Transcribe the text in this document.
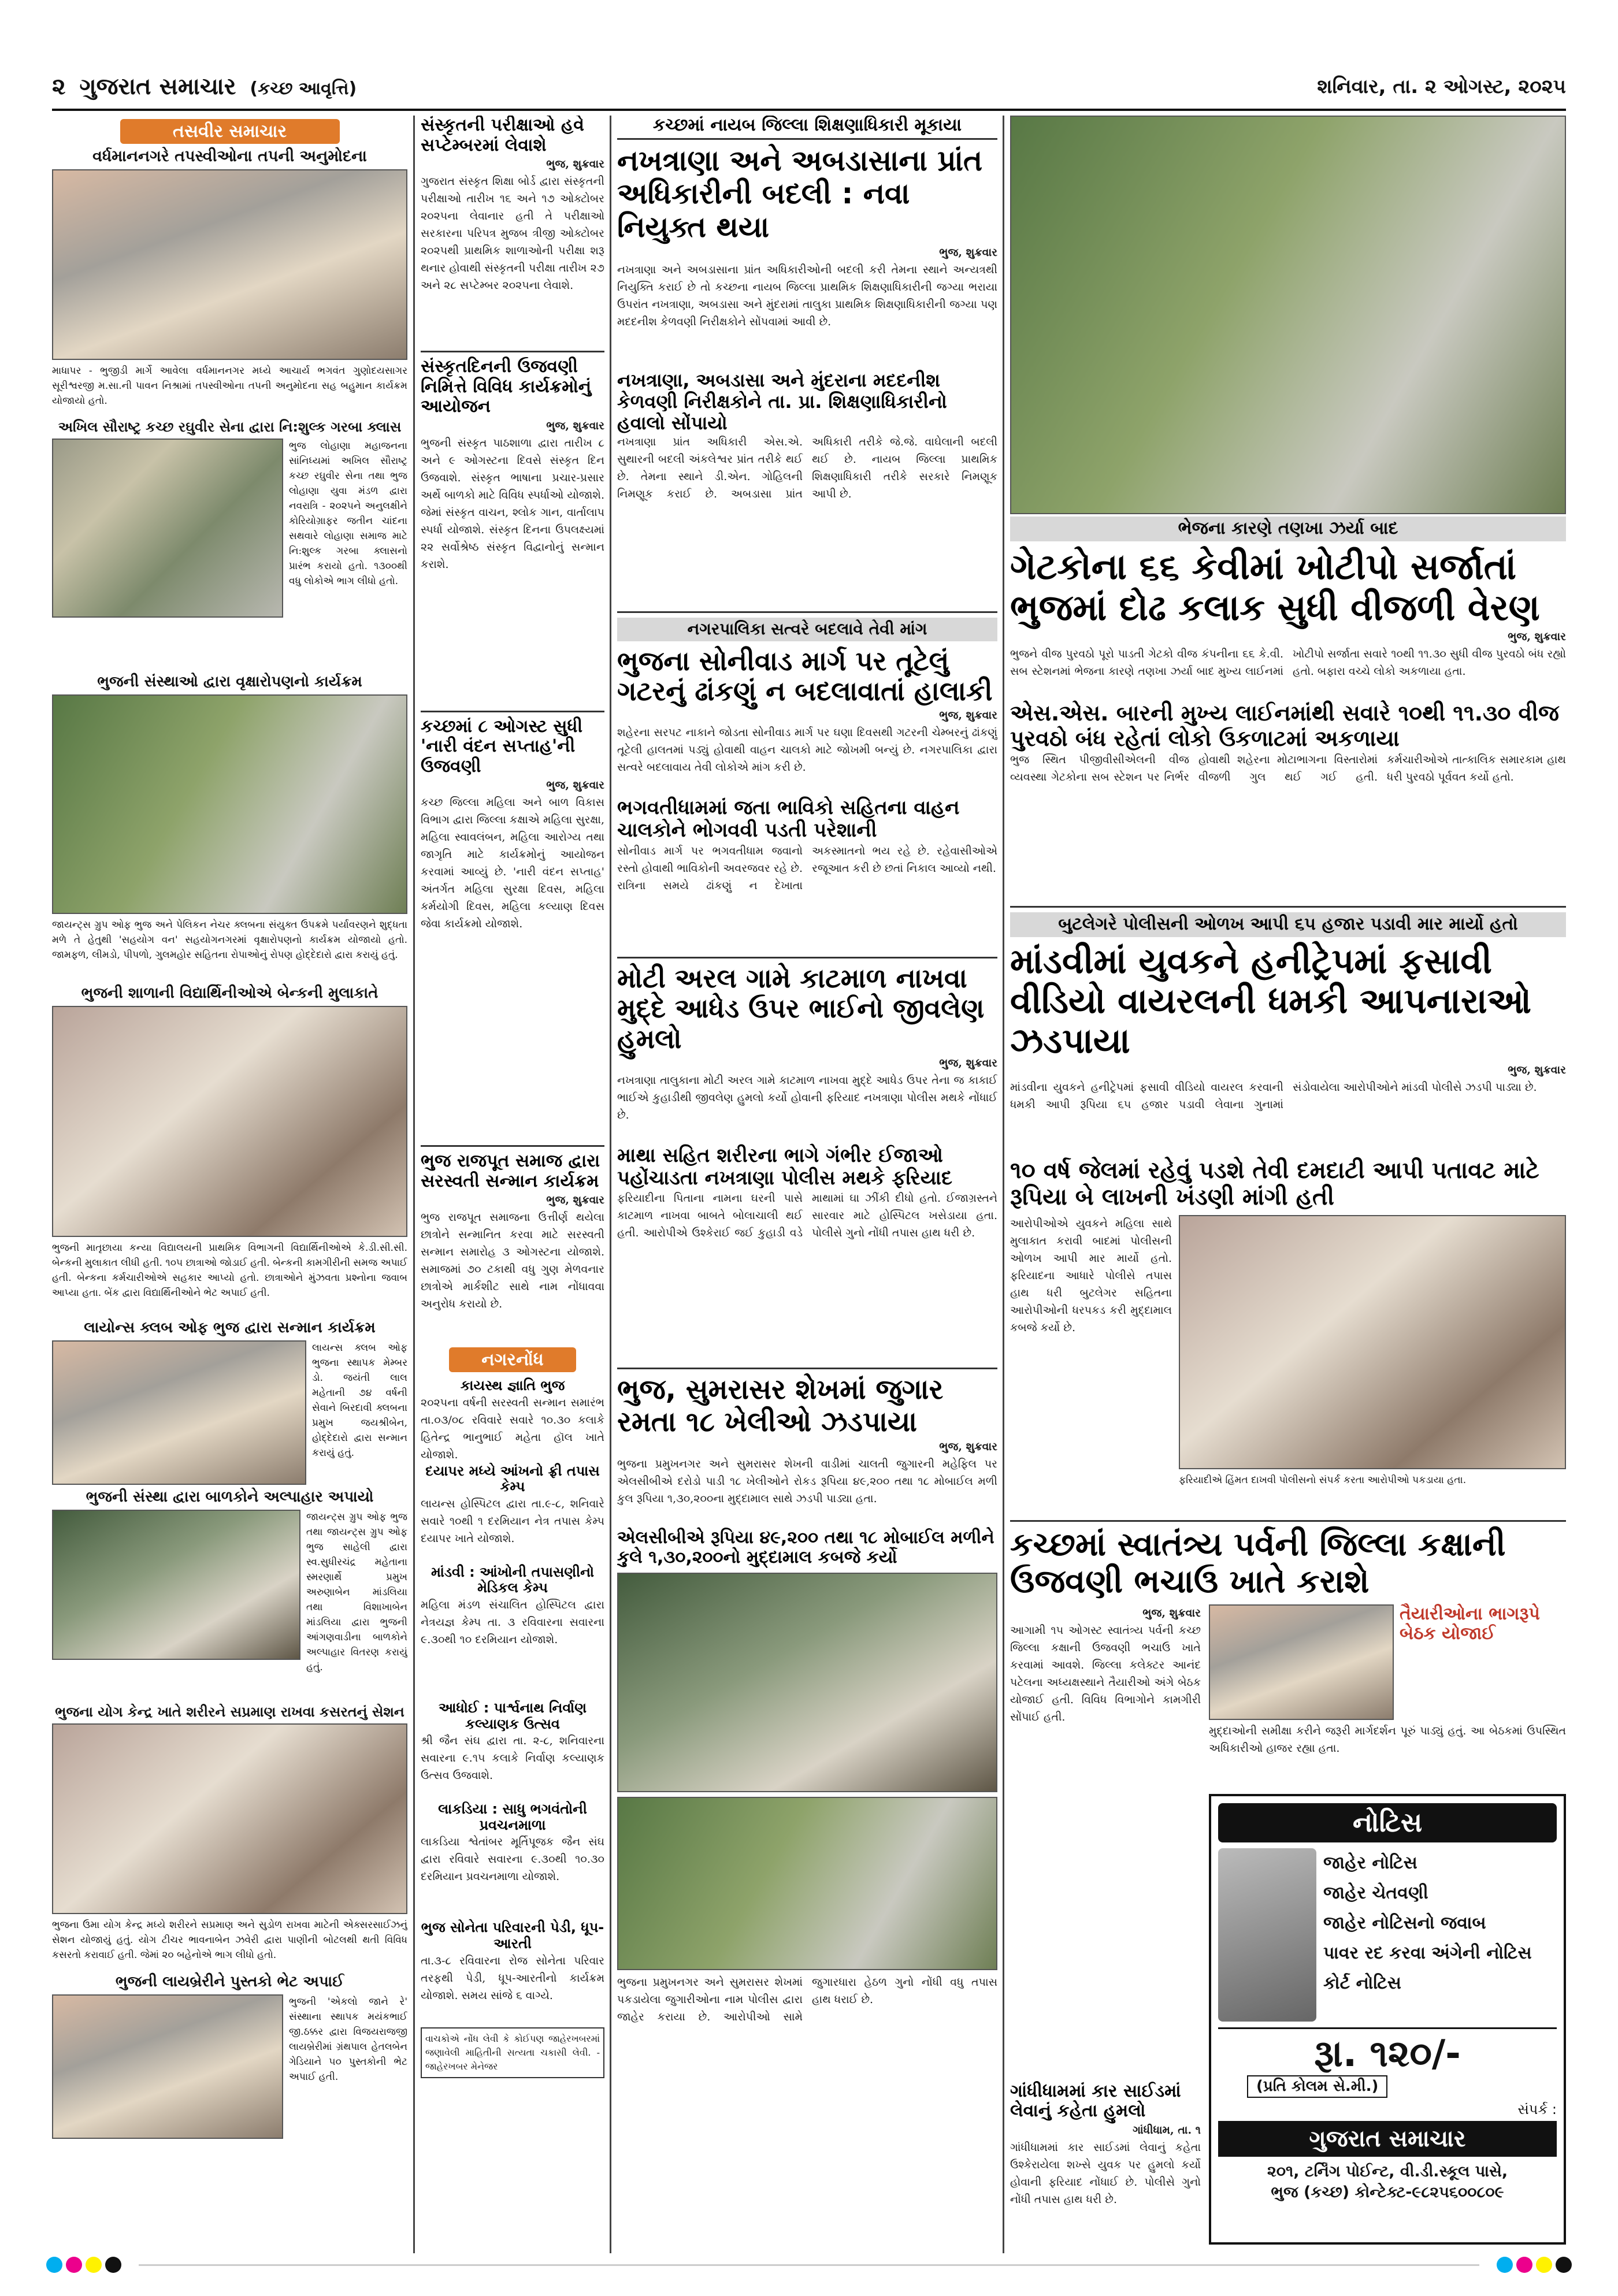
૨ ગુજરાત સમાચાર (કચ્છ આવૃત્તિ)	શનિવાર, તા. ૨ ઓગસ્ટ, ૨૦૨૫
તસવીર સમાચાર
વર્ધમાનનગરે તપસ્વીઓના તપની અનુમોદના
માધાપર - ભુજીડી માર્ગે આવેલા વર્ધમાનનગર મધ્યે આચાર્ય ભગવંત ગુણોદયસાગર સૂરીશ્વરજી મ.સા.ની પાવન નિશ્રામાં તપસ્વીઓના તપની અનુમોદના સહ બહુમાન કાર્યક્રમ યોજાયો હતો.
અખિલ સૌરાષ્ટ્ર કચ્છ રઘુવીર સેના દ્વારા નિ:શુલ્ક ગરબા ક્લાસ
ભુજ લોહાણા મહાજનના સાંનિધ્યમાં અખિલ સૌરાષ્ટ્ર કચ્છ રઘુવીર સેના તથા ભુજ લોહાણા યુવા મંડળ દ્વારા નવરાત્રિ - ૨૦૨૫ને અનુલક્ષીને કોરિયોગ્રાફર જતીન ચાંદના સથવારે લોહાણા સમાજ માટે નિ:શુલ્ક ગરબા ક્લાસનો પ્રારંભ કરાયો હતો. ૧૩૦૦થી વધુ લોકોએ ભાગ લીધો હતો.
ભુજની સંસ્થાઓ દ્વારા વૃક્ષારોપણનો કાર્યક્રમ
જાયન્ટ્સ ગ્રુપ ઓફ ભુજ અને પેલિકન નેચર ક્લબના સંયુક્ત ઉપક્રમે પર્યાવરણને શુદ્ધતા મળે તે હેતુથી 'સહયોગ વન' સહયોગનગરમાં વૃક્ષારોપણનો કાર્યક્રમ યોજાયો હતો. જામફળ, લીમડો, પીપળો, ગુલમહોર સહિતના રોપાઓનું રોપણ હોદ્દેદારો દ્વારા કરાયું હતું.
ભુજની શાળાની વિદ્યાર્થિનીઓએ બેન્કની મુલાકાતે
ભુજની માતૃછાયા કન્યા વિદ્યાલયની પ્રાથમિક વિભાગની વિદ્યાર્થિનીઓએ કે.ડી.સી.સી. બેન્કની મુલાકાત લીધી હતી. ૧૦૫ છાત્રાઓ જોડાઈ હતી. બેન્કની કામગીરીની સમજ અપાઈ હતી. બેન્કના કર્મચારીઓએ સહકાર આપ્યો હતો. છાત્રાઓને મુંઝવતા પ્રશ્નોના જવાબ આપ્યા હતા. બેંક દ્વારા વિદ્યાર્થિનીઓને ભેટ અપાઈ હતી.
લાયોન્સ ક્લબ ઓફ ભુજ દ્વારા સન્માન કાર્યક્રમ
લાયન્સ ક્લબ ઓફ ભુજના સ્થાપક મેમ્બર ડો. જયંતી લાલ મહેતાની ૭૪ વર્ષની સેવાને બિરદાવી ક્લબના પ્રમુખ જયશ્રીબેન, હોદ્દેદારો દ્વારા સન્માન કરાયું હતું.
ભુજની સંસ્થા દ્વારા બાળકોને અલ્પાહાર અપાયો
જાયન્ટ્સ ગ્રુપ ઓફ ભુજ તથા જાયન્ટ્સ ગ્રુપ ઓફ ભુજ સાહેલી દ્વારા સ્વ.સુધીરચંદ્ર મહેતાના સ્મરણાર્થે પ્રમુખ અરુણાબેન માંડલિયા તથા વિશાખાબેન માંડલિયા દ્વારા ભુજની આંગણવાડીના બાળકોને અલ્પાહાર વિતરણ કરાયું હતું.
ભુજના યોગ કેન્દ્ર ખાતે શરીરને સપ્રમાણ રાખવા કસરતનું સેશન
ભુજના ઉમા યોગ કેન્દ્ર મધ્યે શરીરને સપ્રમાણ અને સુડોળ રાખવા માટેની એક્સરસાઈઝનું સેશન યોજાયું હતું. યોગ ટીચર ભાવનાબેન ઝવેરી દ્વારા પાણીની બોટલથી થતી વિવિધ કસરતો કરાવાઈ હતી. જેમાં ૨૦ બહેનોએ ભાગ લીધો હતો.
ભુજની લાયબ્રેરીને પુસ્તકો ભેટ અપાઈ
ભુજની 'એકલો જાને રે' સંસ્થાના સ્થાપક મયંકભાઈ જી.ઠક્કર દ્વારા વિજયરાજજી લાયબ્રેરીમાં ગ્રંથપાલ હેતલબેન ગેડિયાને ૫૦ પુસ્તકોની ભેટ અપાઈ હતી.
સંસ્કૃતની પરીક્ષાઓ હવે સપ્ટેમ્બરમાં લેવાશે
ભુજ, શુક્રવાર
ગુજરાત સંસ્કૃત શિક્ષા બોર્ડ દ્વારા સંસ્કૃતની પરીક્ષાઓ તારીખ ૧૬ અને ૧૭ ઓક્ટોબર ૨૦૨૫ના લેવાનાર હતી તે પરીક્ષાઓ સરકારના પરિપત્ર મુજબ ત્રીજી ઓક્ટોબર ૨૦૨૫થી પ્રાથમિક શાળાઓની પરીક્ષા શરૂ થનાર હોવાથી સંસ્કૃતની પરીક્ષા તારીખ ૨૭ અને ૨૮ સપ્ટેમ્બર ૨૦૨૫ના લેવાશે.
સંસ્કૃતદિનની ઉજવણી નિમિત્તે વિવિધ કાર્યક્રમોનું આયોજન
ભુજ, શુક્રવાર
ભુજની સંસ્કૃત પાઠશાળા દ્વારા તારીખ ૮ અને ૯ ઓગસ્ટના દિવસે સંસ્કૃત દિન ઉજવાશે. સંસ્કૃત ભાષાના પ્રચાર-પ્રસાર અર્થે બાળકો માટે વિવિધ સ્પર્ધાઓ યોજાશે. જેમાં સંસ્કૃત વાચન, શ્લોક ગાન, વાર્તાલાપ સ્પર્ધા યોજાશે. સંસ્કૃત દિનના ઉપલક્ષ્યમાં ૨૨ સર્વોશ્રેષ્ઠ સંસ્કૃત વિદ્વાનોનું સન્માન કરાશે.
કચ્છમાં ૮ ઓગસ્ટ સુધી 'નારી વંદન સપ્તાહ'ની ઉજવણી
ભુજ, શુક્રવાર
કચ્છ જિલ્લા મહિલા અને બાળ વિકાસ વિભાગ દ્વારા જિલ્લા કક્ષાએ મહિલા સુરક્ષા, મહિલા સ્વાવલંબન, મહિલા આરોગ્ય તથા જાગૃતિ માટે કાર્યક્રમોનું આયોજન કરવામાં આવ્યું છે. 'નારી વંદન સપ્તાહ' અંતર્ગત મહિલા સુરક્ષા દિવસ, મહિલા કર્મયોગી દિવસ, મહિલા કલ્યાણ દિવસ જેવા કાર્યક્રમો યોજાશે.
ભુજ રાજપૂત સમાજ દ્વારા સરસ્વતી સન્માન કાર્યક્રમ
ભુજ, શુક્રવાર
ભુજ રાજપૂત સમાજના ઉત્તીર્ણ થયેલા છાત્રોને સન્માનિત કરવા માટે સરસ્વતી સન્માન સમારોહ ૩ ઓગસ્ટના યોજાશે. સમાજમાં ૭૦ ટકાથી વધુ ગુણ મેળવનાર છાત્રોએ માર્કશીટ સાથે નામ નોંધાવવા અનુરોધ કરાયો છે.
નગરનોંધ
કાયસ્થ જ્ઞાતિ ભુજ
૨૦૨૫ના વર્ષની સરસ્વતી સન્માન સમારંભ તા.૦૩/૦૮ રવિવારે સવારે ૧૦.૩૦ કલાકે હિતેન્દ્ર ભાનુભાઈ મહેતા હૉલ ખાતે યોજાશે.
દયાપર મધ્યે આંખનો ફ્રી તપાસ કેમ્પ
લાયન્સ હોસ્પિટલ દ્વારા તા.૯-૮, શનિવારે સવારે ૧૦થી ૧ દરમિયાન નેત્ર તપાસ કેમ્પ દયાપર ખાતે યોજાશે.
માંડવી : આંખોની તપાસણીનો મેડિકલ કેમ્પ
મહિલા મંડળ સંચાલિત હોસ્પિટલ દ્વારા નેત્રયજ્ઞ કેમ્પ તા. ૩ રવિવારના સવારના ૯.૩૦થી ૧૦ દરમિયાન યોજાશે.
આધોઈ : પાર્શ્વનાથ નિર્વાણ કલ્યાણક ઉત્સવ
શ્રી જૈન સંઘ દ્વારા તા. ૨-૮, શનિવારના સવારના ૯.૧૫ કલાકે નિર્વાણ કલ્યાણક ઉત્સવ ઉજવાશે.
લાકડિયા : સાધુ ભગવંતોની પ્રવચનમાળા
લાકડિયા શ્વેતાંબર મૂર્તિપૂજક જૈન સંઘ દ્વારા રવિવારે સવારના ૯.૩૦થી ૧૦.૩૦ દરમિયાન પ્રવચનમાળા યોજાશે.
ભુજ સોનેતા પરિવારની પેડી, ધૂપ-આરતી
તા.૩-૮ રવિવારના રોજ સોનેતા પરિવાર તરફથી પેડી, ધૂપ-આરતીનો કાર્યક્રમ યોજાશે. સમય સાંજે ૬ વાગ્યે.
વાચકોએ નોંધ લેવી કે કોઈપણ જાહેરખબરમાં જણાવેલી માહિતીની સત્યતા ચકાસી લેવી. - જાહેરખબર મેનેજર
કચ્છમાં નાયબ જિલ્લા શિક્ષણાધિકારી મૂકાયા
નખત્રાણા અને અબડાસાના પ્રાંત અધિકારીની બદલી : નવા નિયુક્ત થયા
ભુજ, શુક્રવાર
નખત્રાણા અને અબડાસાના પ્રાંત અધિકારીઓની બદલી કરી તેમના સ્થાને અન્યત્રથી નિયુક્તિ કરાઈ છે તો કચ્છના નાયબ જિલ્લા પ્રાથમિક શિક્ષણાધિકારીની જગ્યા ભરાયા ઉપરાંત નખત્રાણા, અબડાસા અને મુંદરામાં તાલુકા પ્રાથમિક શિક્ષણાધિકારીની જગ્યા પણ મદદનીશ કેળવણી નિરીક્ષકોને સોંપવામાં આવી છે.
નખત્રાણા, અબડાસા અને મુંદરાના મદદનીશ કેળવણી નિરીક્ષકોને તા. પ્રા. શિક્ષણાધિકારીનો હવાલો સોંપાયો
નખત્રાણા પ્રાંત અધિકારી એસ.એ. સુથારની બદલી અંકલેશ્વર પ્રાંત તરીકે થઈ છે. તેમના સ્થાને ડી.એન. ગોહિલની નિમણૂક કરાઈ છે. અબડાસા પ્રાંત અધિકારી તરીકે જે.જે. વાઘેલાની બદલી થઈ છે. નાયબ જિલ્લા પ્રાથમિક શિક્ષણાધિકારી તરીકે સરકારે નિમણૂક આપી છે.
નગરપાલિકા સત્વરે બદલાવે તેવી માંગ
ભુજના સોનીવાડ માર્ગ પર તૂટેલું ગટરનું ઢાંકણું ન બદલાવાતાં હાલાકી
ભુજ, શુક્રવાર
શહેરના સરપટ નાકાને જોડતા સોનીવાડ માર્ગ પર ઘણા દિવસથી ગટરની ચેમ્બરનું ઢાંકણું તૂટેલી હાલતમાં પડ્યું હોવાથી વાહન ચાલકો માટે જોખમી બન્યું છે. નગરપાલિકા દ્વારા સત્વરે બદલાવાય તેવી લોકોએ માંગ કરી છે.
ભગવતીધામમાં જતા ભાવિકો સહિતના વાહન ચાલકોને ભોગવવી પડતી પરેશાની
સોનીવાડ માર્ગ પર ભગવતીધામ જવાનો રસ્તો હોવાથી ભાવિકોની અવરજવર રહે છે. રાત્રિના સમયે ઢાંકણું ન દેખાતા અકસ્માતનો ભય રહે છે. રહેવાસીઓએ રજૂઆત કરી છે છતાં નિકાલ આવ્યો નથી.
મોટી અરલ ગામે કાટમાળ નાખવા મુદ્દે આધેડ ઉપર ભાઈનો જીવલેણ હુમલો
ભુજ, શુક્રવાર
નખત્રાણા તાલુકાના મોટી અરલ ગામે કાટમાળ નાખવા મુદ્દે આધેડ ઉપર તેના જ કાકાઈ ભાઈએ કુહાડીથી જીવલેણ હુમલો કર્યો હોવાની ફરિયાદ નખત્રાણા પોલીસ મથકે નોંધાઈ છે.
માથા સહિત શરીરના ભાગે ગંભીર ઈજાઓ પહોંચાડતા નખત્રાણા પોલીસ મથકે ફરિયાદ
ફરિયાદીના પિતાના નામના ઘરની પાસે કાટમાળ નાખવા બાબતે બોલાચાલી થઈ હતી. આરોપીએ ઉશ્કેરાઈ જઈ કુહાડી વડે માથામાં ઘા ઝીંકી દીધો હતો. ઈજાગ્રસ્તને સારવાર માટે હોસ્પિટલ ખસેડાયા હતા. પોલીસે ગુનો નોંધી તપાસ હાથ ધરી છે.
ભુજ, સુમરાસર શેખમાં જુગાર રમતા ૧૮ ખેલીઓ ઝડપાયા
ભુજ, શુક્રવાર
ભુજના પ્રમુખનગર અને સુમરાસર શેખની વાડીમાં ચાલતી જુગારની મહેફિલ પર એલસીબીએ દરોડો પાડી ૧૮ ખેલીઓને રોકડ રૂપિયા ૪૯,૨૦૦ તથા ૧૮ મોબાઈલ મળી કુલ રૂપિયા ૧,૩૦,૨૦૦ના મુદ્દામાલ સાથે ઝડપી પાડ્યા હતા.
એલસીબીએ રૂપિયા ૪૯,૨૦૦ તથા ૧૮ મોબાઈલ મળીને કુલે ૧,૩૦,૨૦૦નો મુદ્દામાલ કબજે કર્યો
ભુજના પ્રમુખનગર અને સુમરાસર શેખમાં પકડાયેલા જુગારીઓના નામ પોલીસ દ્વારા જાહેર કરાયા છે. આરોપીઓ સામે જુગારધારા હેઠળ ગુનો નોંધી વધુ તપાસ હાથ ધરાઈ છે.
ભેજના કારણે તણખા ઝર્યા બાદ
ગેટકોના ૬૬ કેવીમાં ખોટીપો સર્જાતાં ભુજમાં દોઢ કલાક સુધી વીજળી વેરણ
ભુજ, શુક્રવાર
ભુજને વીજ પુરવઠો પૂરો પાડતી ગેટકો વીજ કંપનીના ૬૬ કે.વી. સબ સ્ટેશનમાં ભેજના કારણે તણખા ઝર્યા બાદ મુખ્ય લાઈનમાં ખોટીપો સર્જાતા સવારે ૧૦થી ૧૧.૩૦ સુધી વીજ પુરવઠો બંધ રહ્યો હતો. બફારા વચ્ચે લોકો અકળાયા હતા.
એસ.એસ. બારની મુખ્ય લાઈનમાંથી સવારે ૧૦થી ૧૧.૩૦ વીજ પુરવઠો બંધ રહેતાં લોકો ઉકળાટમાં અકળાયા
ભુજ સ્થિત પીજીવીસીએલની વીજ વ્યવસ્થા ગેટકોના સબ સ્ટેશન પર નિર્ભર હોવાથી શહેરના મોટાભાગના વિસ્તારોમાં વીજળી ગુલ થઈ ગઈ હતી. કર્મચારીઓએ તાત્કાલિક સમારકામ હાથ ધરી પુરવઠો પૂર્વવત કર્યો હતો.
બુટલેગરે પોલીસની ઓળખ આપી ૬૫ હજાર પડાવી માર માર્યો હતો
માંડવીમાં યુવકને હનીટ્રેપમાં ફસાવી વીડિયો વાયરલની ધમકી આપનારાઓ ઝડપાયા
ભુજ, શુક્રવાર
માંડવીના યુવકને હનીટ્રેપમાં ફસાવી વીડિયો વાયરલ કરવાની ધમકી આપી રૂપિયા ૬૫ હજાર પડાવી લેવાના ગુનામાં સંડોવાયેલા આરોપીઓને માંડવી પોલીસે ઝડપી પાડ્યા છે.
૧૦ વર્ષ જેલમાં રહેવું પડશે તેવી દમદાટી આપી પતાવટ માટે રૂપિયા બે લાખની ખંડણી માંગી હતી
આરોપીઓએ યુવકને મહિલા સાથે મુલાકાત કરાવી બાદમાં પોલીસની ઓળખ આપી માર માર્યો હતો. ફરિયાદના આધારે પોલીસે તપાસ હાથ ધરી બુટલેગર સહિતના આરોપીઓની ધરપકડ કરી મુદ્દામાલ કબજે કર્યો છે.
ફરિયાદીએ હિંમત દાખવી પોલીસનો સંપર્ક કરતા આરોપીઓ પકડાયા હતા.
કચ્છમાં સ્વાતંત્ર્ય પર્વની જિલ્લા કક્ષાની ઉજવણી ભચાઉ ખાતે કરાશે
ભુજ, શુક્રવાર
આગામી ૧૫ ઓગસ્ટ સ્વાતંત્ર્ય પર્વની કચ્છ જિલ્લા કક્ષાની ઉજવણી ભચાઉ ખાતે કરવામાં આવશે. જિલ્લા કલેક્ટર આનંદ પટેલના અધ્યક્ષસ્થાને તૈયારીઓ અંગે બેઠક યોજાઈ હતી. વિવિધ વિભાગોને કામગીરી સોંપાઈ હતી.
ગાંધીધામમાં કાર સાઈડમાં લેવાનું કહેતા હુમલો
ગાંધીધામ, તા. ૧
ગાંધીધામમાં કાર સાઈડમાં લેવાનું કહેતા ઉશ્કેરાયેલા શખ્સે યુવક પર હુમલો કર્યો હોવાની ફરિયાદ નોંધાઈ છે. પોલીસે ગુનો નોંધી તપાસ હાથ ધરી છે.
તૈયારીઓના ભાગરૂપે બેઠક યોજાઈ
મુદ્દાઓની સમીક્ષા કરીને જરૂરી માર્ગદર્શન પૂરું પાડ્યું હતું. આ બેઠકમાં ઉપસ્થિત અધિકારીઓ હાજર રહ્યા હતા.
નોટિસ
જાહેર નોટિસ
જાહેર ચેતવણી
જાહેર નોટિસનો જવાબ
પાવર રદ કરવા અંગેની નોટિસ
કોર્ટ નોટિસ
રૂા. ૧૨૦/-
(પ્રતિ કોલમ સે.મી.)
સંપર્ક :
ગુજરાત સમાચાર
૨૦૧, ટર્નિંગ પોઈન્ટ, વી.ડી.સ્કૂલ પાસે,
ભુજ (કચ્છ) કોન્ટેક્ટ-૯૮૨૫૬૦૦૮૦૯
